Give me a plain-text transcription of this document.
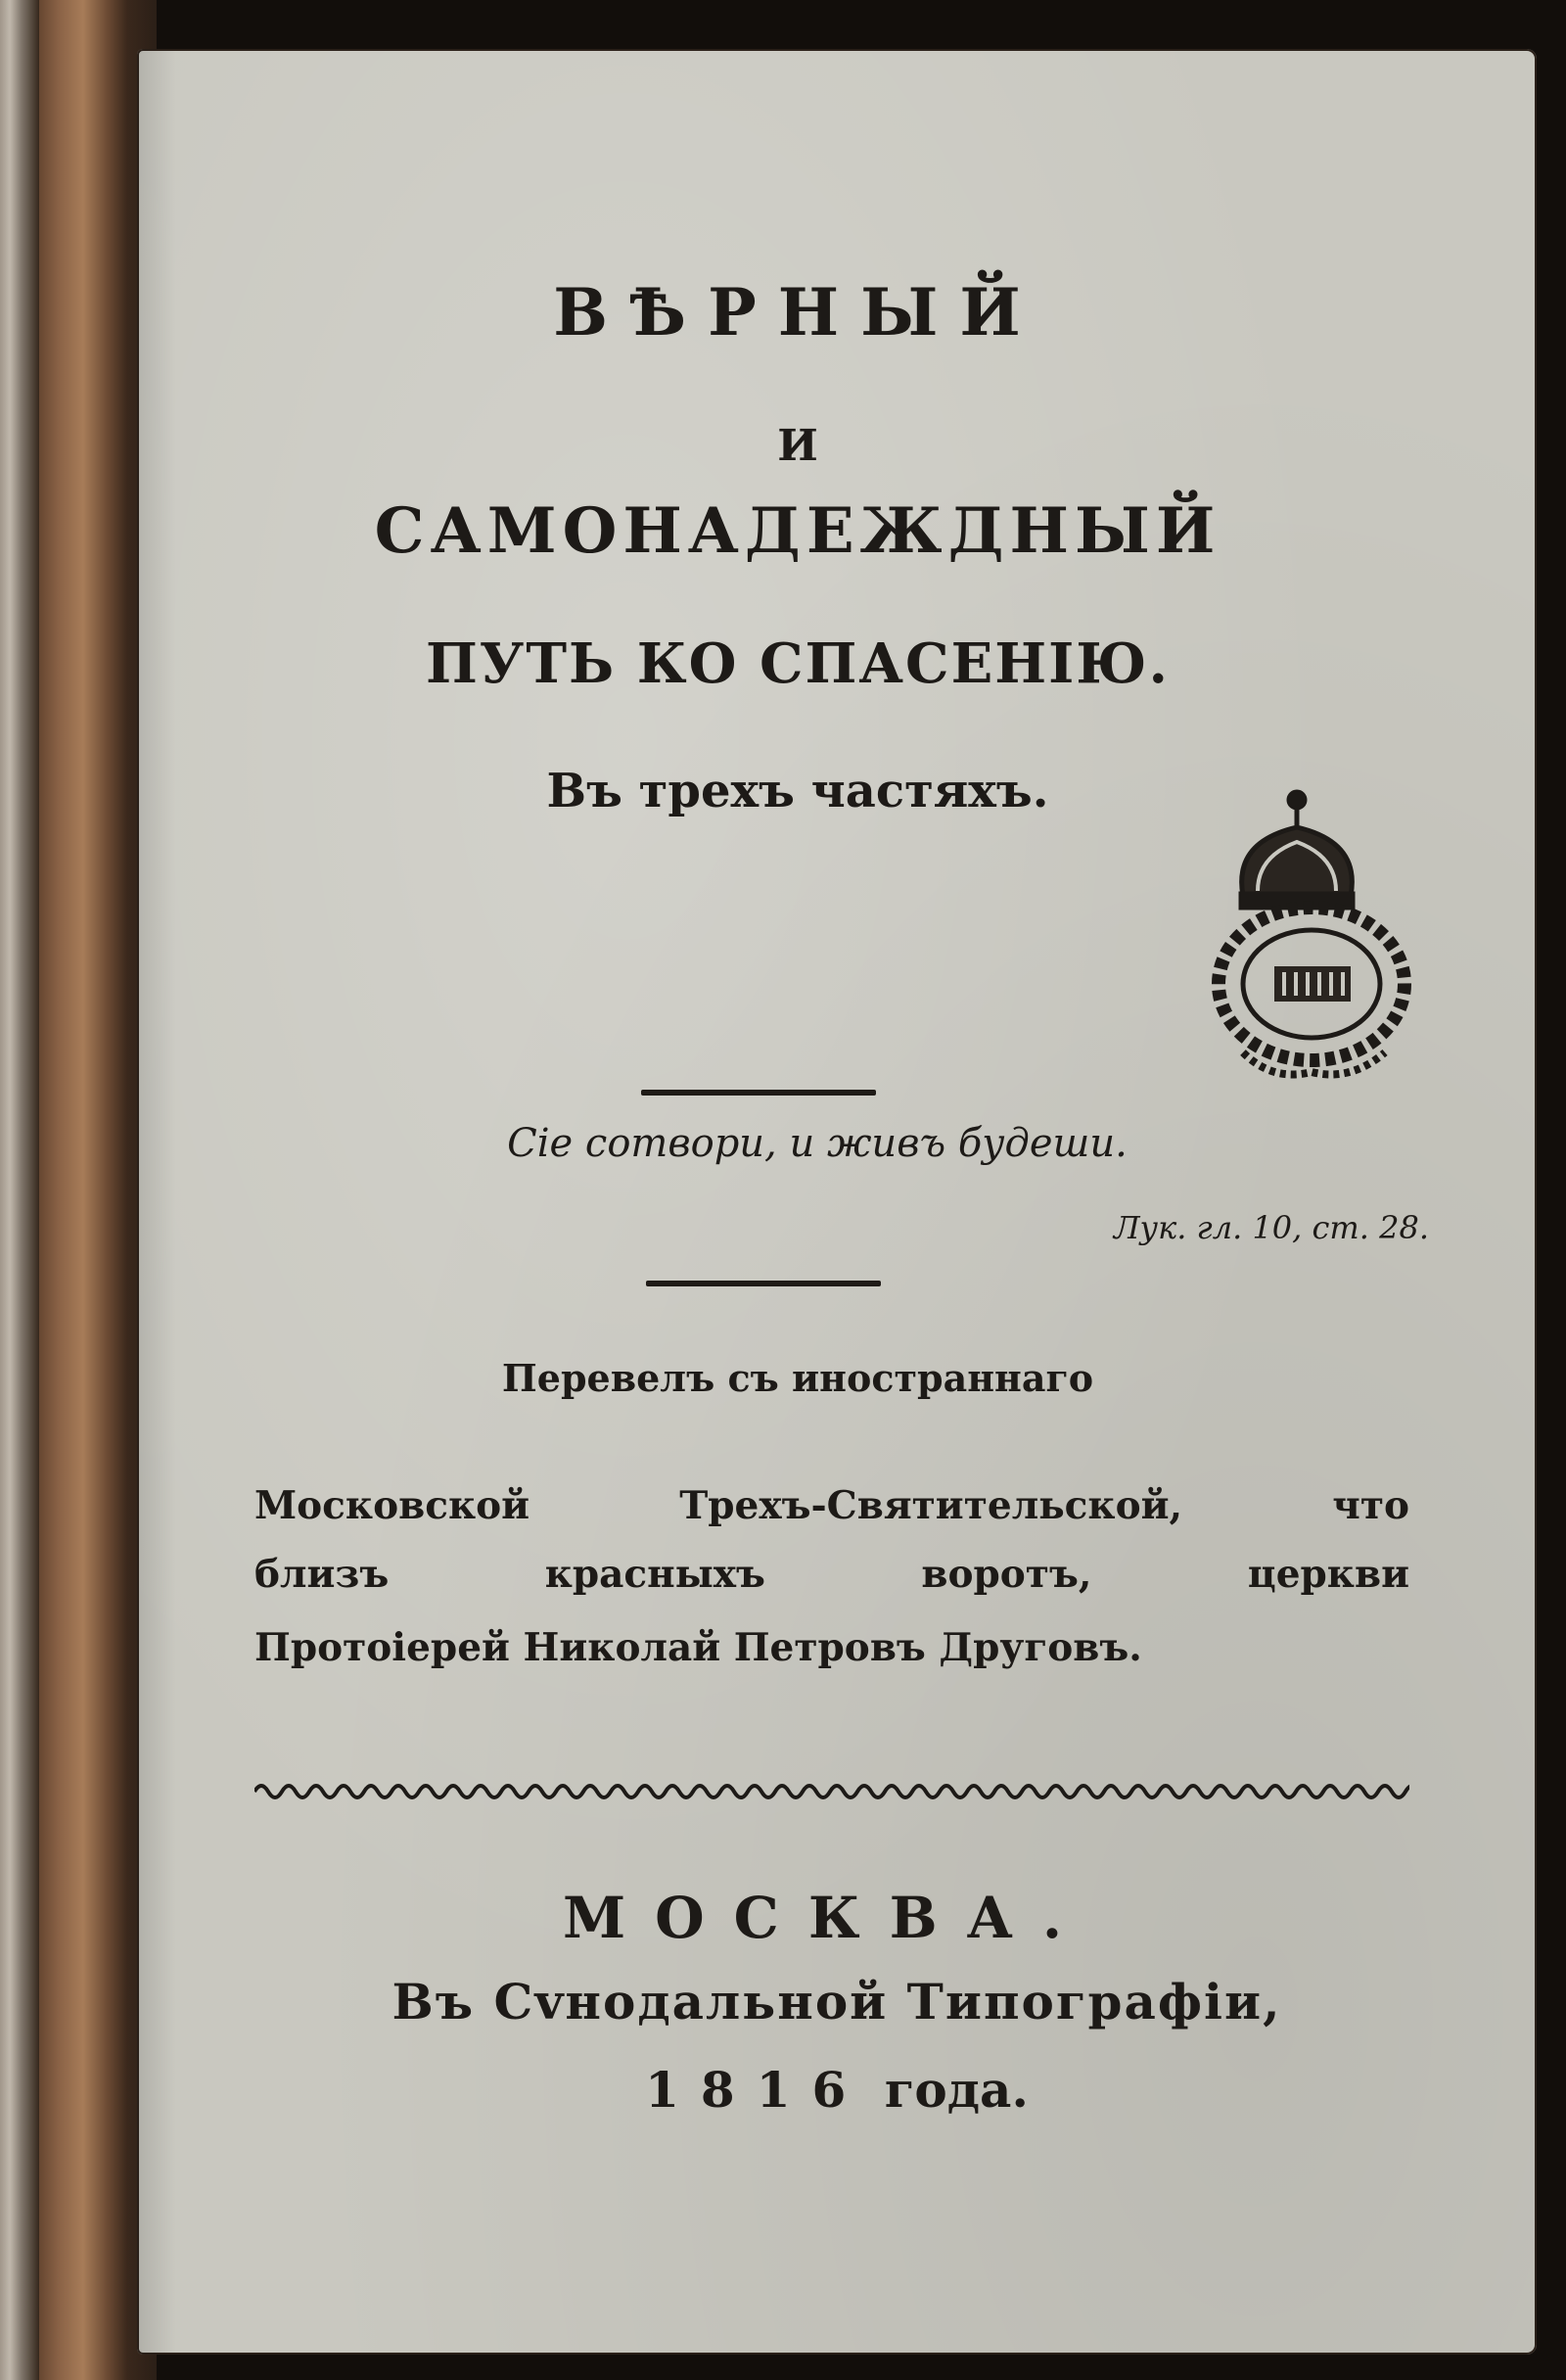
ВѢРНЫЙ
И
САМОНАДЕЖДНЫЙ
ПУТЬ КО СПАСЕНІЮ.
Въ трехъ частяхъ.
Сіе сотвори, и живъ будеши.
Лук. гл. 10, ст. 28.
Перевелъ съ иностраннаго
Московской Трехъ-Святительской, что
близъ красныхъ воротъ, церкви
Протоіерей Николай Петровъ Друговъ.
МОСКВА.
Въ Сvнодальной Типографіи,
1816 года.
